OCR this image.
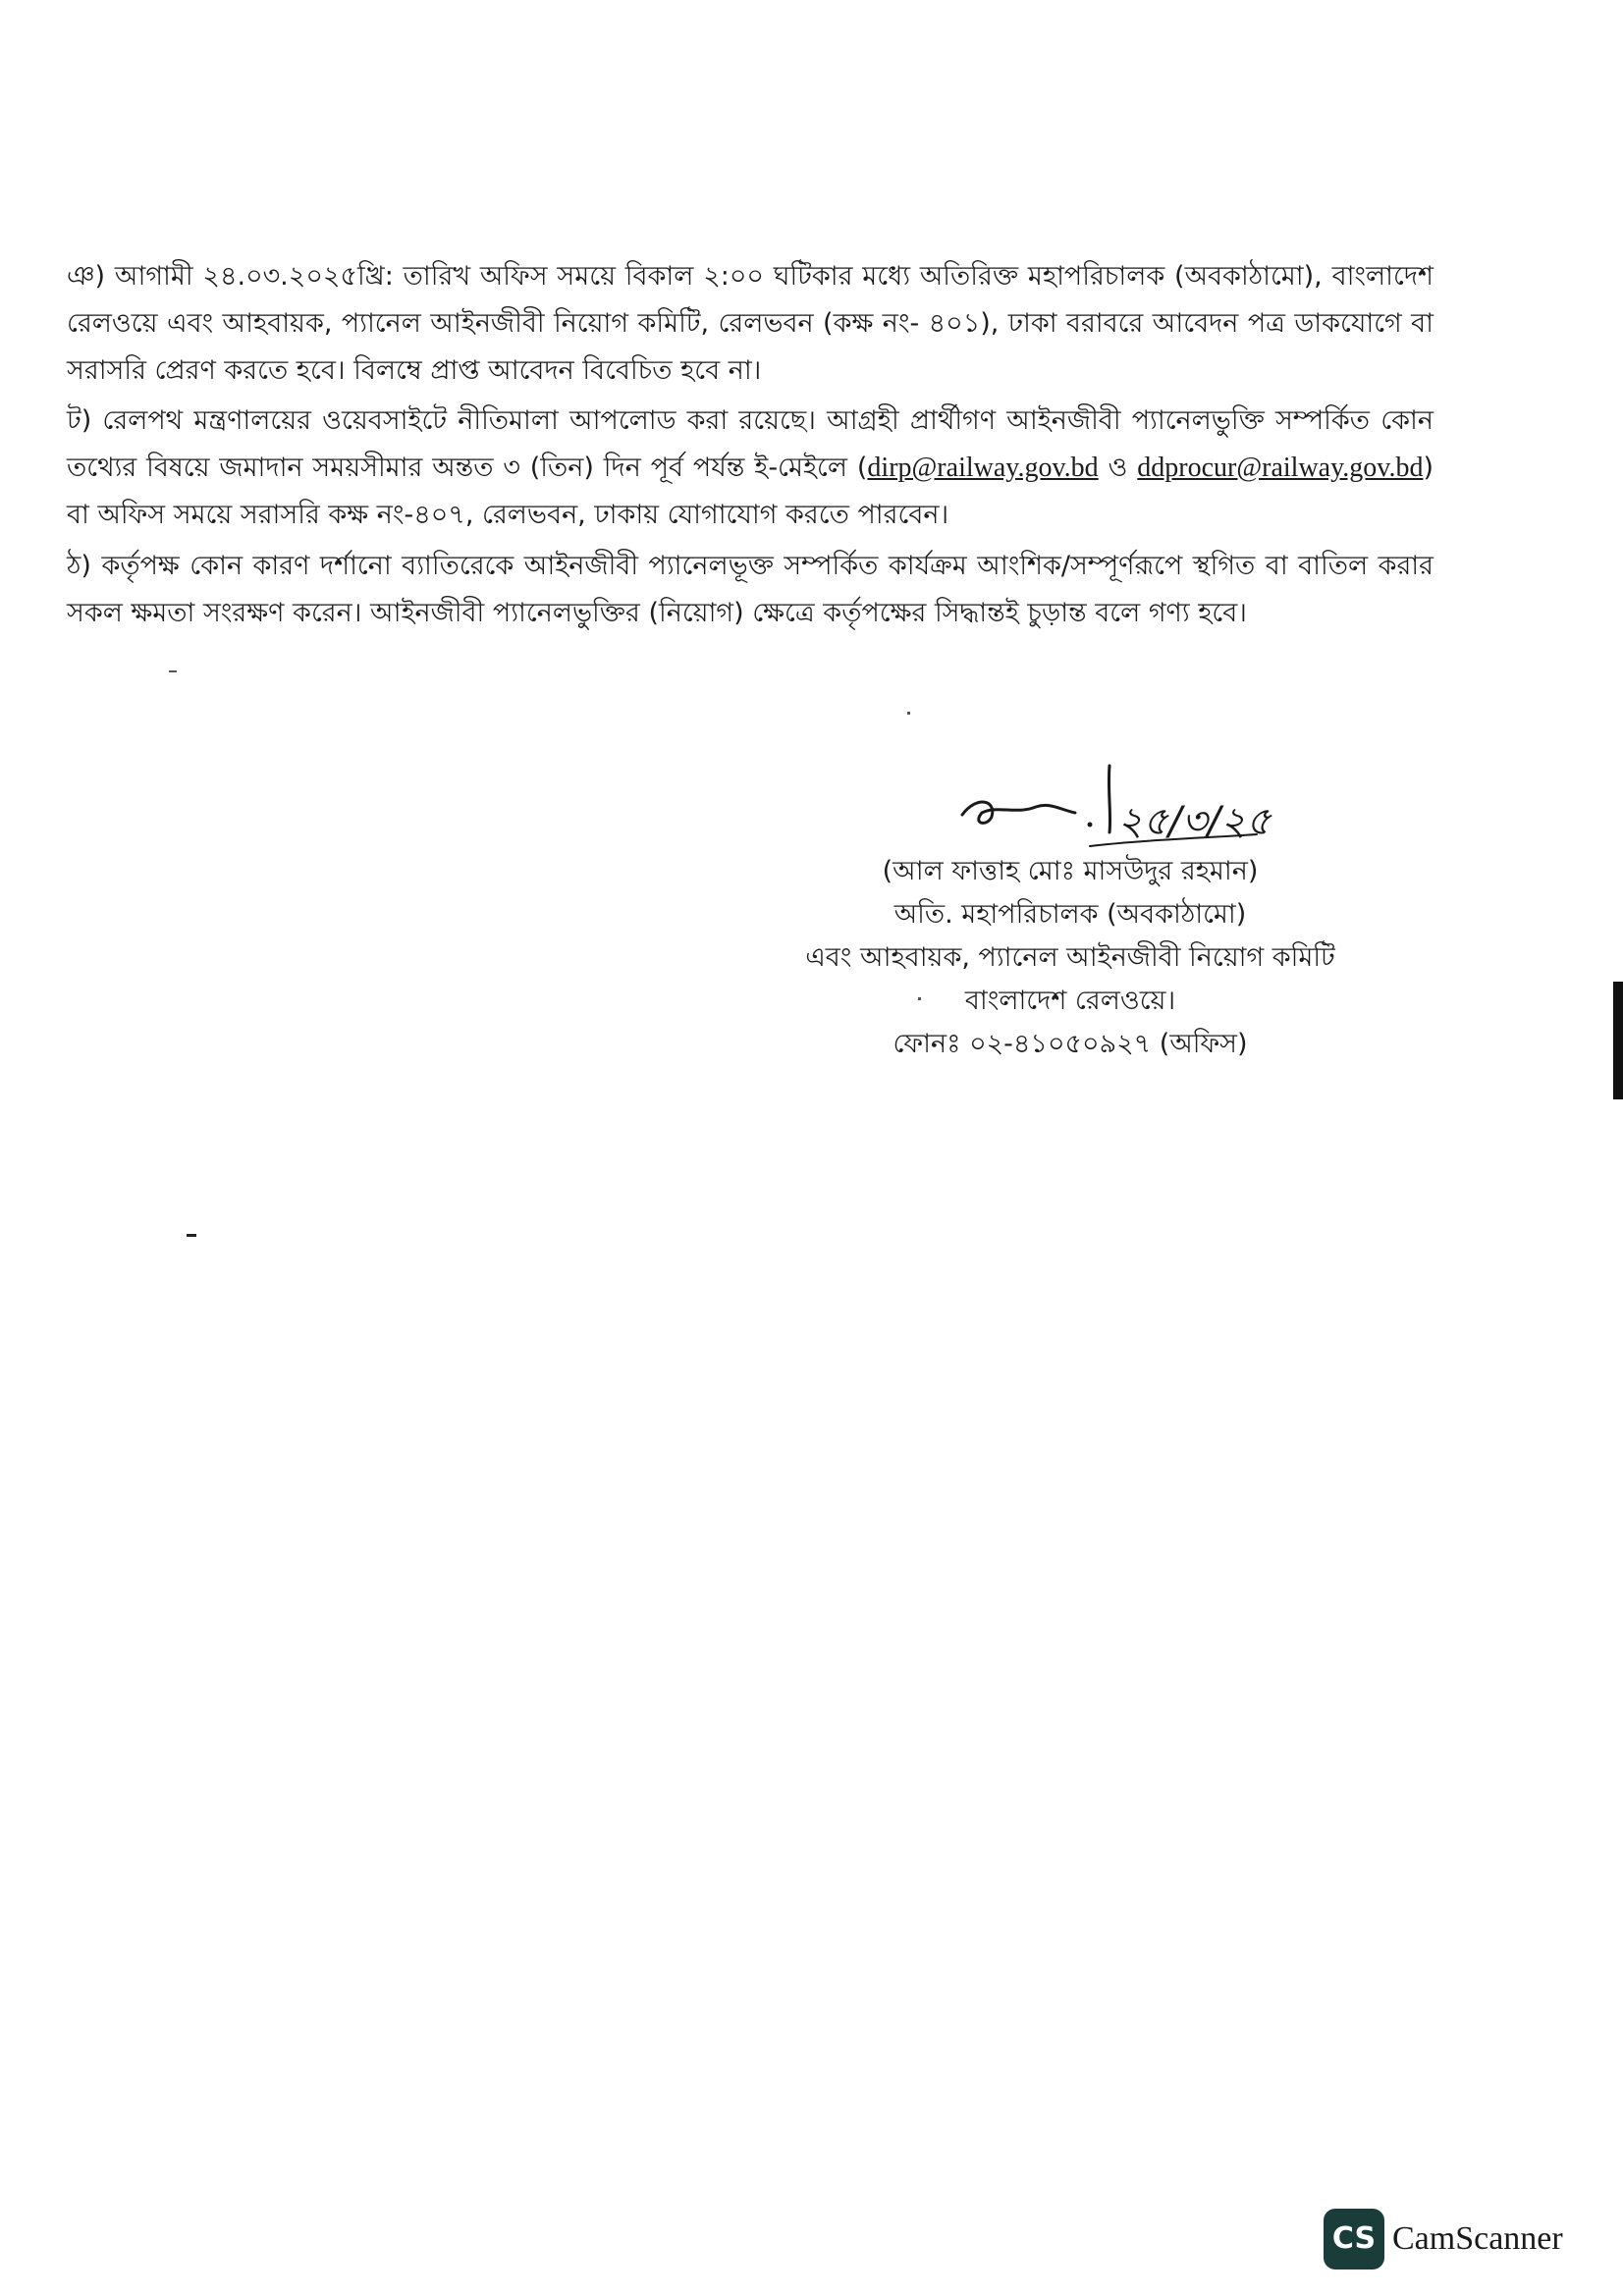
ঞ) আগামী ২৪.০৩.২০২৫খ্রি: তারিখ অফিস সময়ে বিকাল ২:০০ ঘটিকার মধ্যে অতিরিক্ত মহাপরিচালক (অবকাঠামো), বাংলাদেশ রেলওয়ে এবং আহবায়ক, প্যানেল আইনজীবী নিয়োগ কমিটি, রেলভবন (কক্ষ নং- ৪০১), ঢাকা বরাবরে আবেদন পত্র ডাকযোগে বা সরাসরি প্রেরণ করতে হবে। বিলম্বে প্রাপ্ত আবেদন বিবেচিত হবে না।

ট) রেলপথ মন্ত্রণালয়ের ওয়েবসাইটে নীতিমালা আপলোড করা রয়েছে। আগ্রহী প্রার্থীগণ আইনজীবী প্যানেলভুক্তি সম্পর্কিত কোন তথ্যের বিষয়ে জমাদান সময়সীমার অন্তত ৩ (তিন) দিন পূর্ব পর্যন্ত ই-মেইলে (dirp@railway.gov.bd ও ddprocur@railway.gov.bd) বা অফিস সময়ে সরাসরি কক্ষ নং-৪০৭, রেলভবন, ঢাকায় যোগাযোগ করতে পারবেন।

ঠ) কর্তৃপক্ষ কোন কারণ দর্শানো ব্যাতিরেকে আইনজীবী প্যানেলভূক্ত সম্পর্কিত কার্যক্রম আংশিক/সম্পূর্ণরূপে স্থগিত বা বাতিল করার সকল ক্ষমতা সংরক্ষণ করেন। আইনজীবী প্যানেলভুক্তির (নিয়োগ) ক্ষেত্রে কর্তৃপক্ষের সিদ্ধান্তই চুড়ান্ত বলে গণ্য হবে।

২৫/৩/২৫
(আল ফাত্তাহ মোঃ মাসউদুর রহমান)
অতি. মহাপরিচালক (অবকাঠামো)
এবং আহবায়ক, প্যানেল আইনজীবী নিয়োগ কমিটি
বাংলাদেশ রেলওয়ে।
ফোনঃ ০২-৪১০৫০৯২৭ (অফিস)
CS CamScanner
